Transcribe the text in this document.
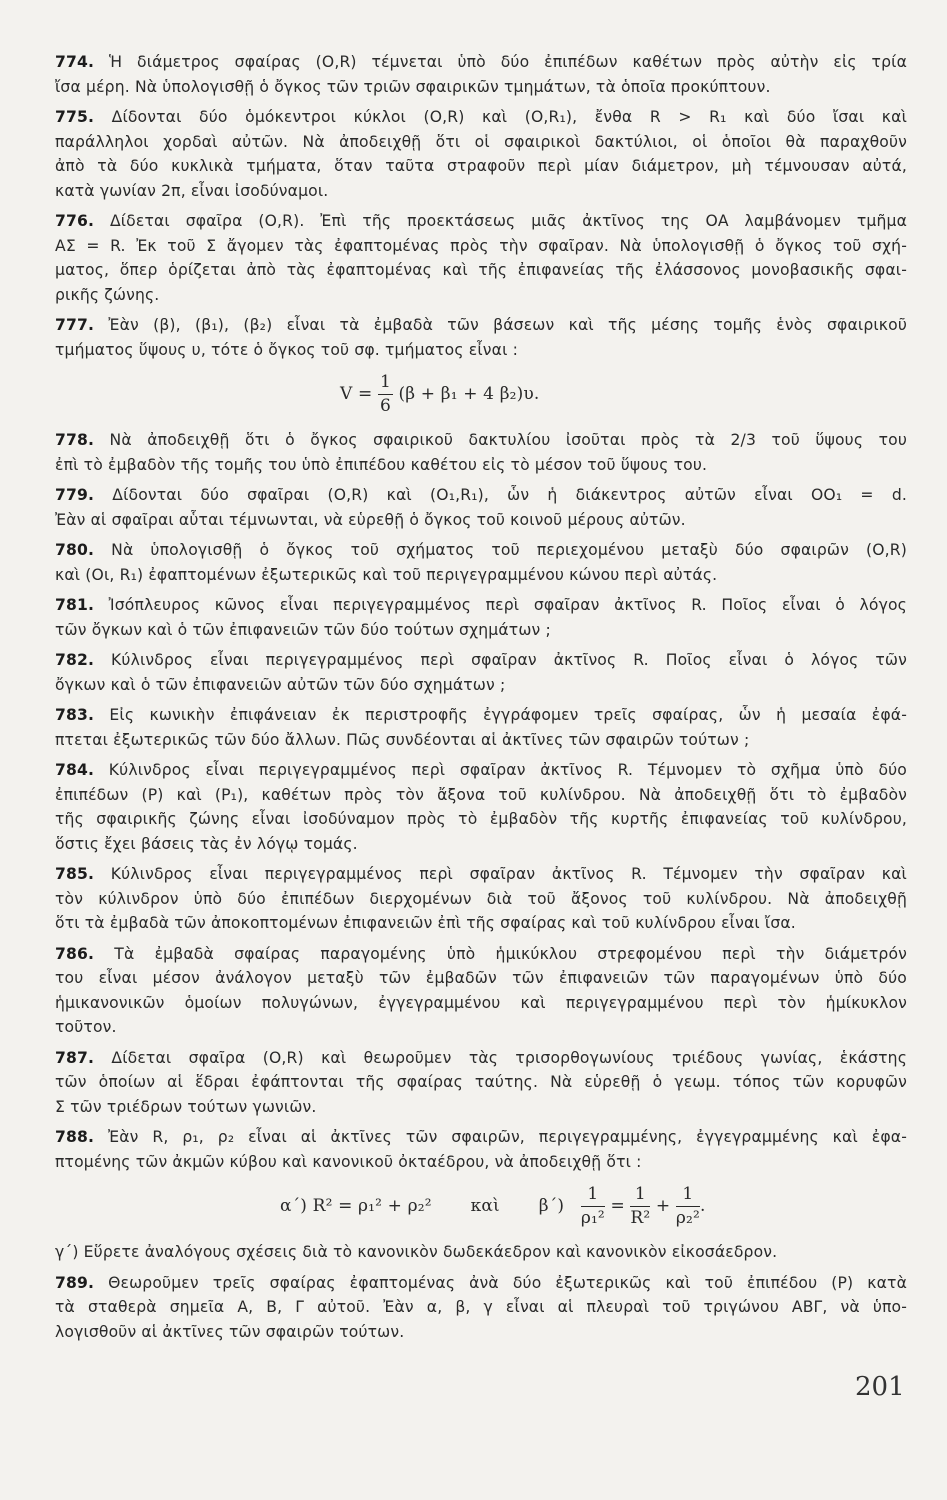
774. Ἡ διάμετρος σφαίρας (Ο,R) τέμνεται ὑπὸ δύο ἐπιπέδων καθέτων πρὸς αὐτὴν εἰς τρία
ἴσα μέρη. Νὰ ὑπολογισθῇ ὁ ὄγκος τῶν τριῶν σφαιρικῶν τμημάτων, τὰ ὁποῖα προκύπτουν.
775. Δίδονται δύο ὁμόκεντροι κύκλοι (Ο,R) καὶ (Ο,R₁), ἔνθα R > R₁ καὶ δύο ἴσαι καὶ
παράλληλοι χορδαὶ αὐτῶν. Νὰ ἀποδειχθῇ ὅτι οἱ σφαιρικοὶ δακτύλιοι, οἱ ὁποῖοι θὰ παραχθοῦν
ἀπὸ τὰ δύο κυκλικὰ τμήματα, ὅταν ταῦτα στραφοῦν περὶ μίαν διάμετρον, μὴ τέμνουσαν αὐτά,
κατὰ γωνίαν 2π, εἶναι ἰσοδύναμοι.
776. Δίδεται σφαῖρα (Ο,R). Ἐπὶ τῆς προεκτάσεως μιᾶς ἀκτῖνος της ΟΑ λαμβάνομεν τμῆμα
ΑΣ = R. Ἐκ τοῦ Σ ἄγομεν τὰς ἐφαπτομένας πρὸς τὴν σφαῖραν. Νὰ ὑπολογισθῇ ὁ ὄγκος τοῦ σχή-
ματος, ὅπερ ὁρίζεται ἀπὸ τὰς ἐφαπτομένας καὶ τῆς ἐπιφανείας τῆς ἐλάσσονος μονοβασικῆς σφαι-
ρικῆς ζώνης.
777. Ἐὰν (β), (β₁), (β₂) εἶναι τὰ ἐμβαδὰ τῶν βάσεων καὶ τῆς μέσης τομῆς ἑνὸς σφαιρικοῦ
τμήματος ὕψους υ, τότε ὁ ὄγκος τοῦ σφ. τμήματος εἶναι :
$V = \frac{1}{6} (\beta + \beta_1 + 4$ β₂)υ.
778. Νὰ ἀποδειχθῇ ὅτι ὁ ὄγκος σφαιρικοῦ δακτυλίου ἰσοῦται πρὸς τὰ 2/3 τοῦ ὕψους του
ἐπὶ τὸ ἐμβαδὸν τῆς τομῆς του ὑπὸ ἐπιπέδου καθέτου εἰς τὸ μέσον τοῦ ὕψους του.
779. Δίδονται δύο σφαῖραι (Ο,R) καὶ (Ο₁,R₁), ὧν ἡ διάκεντρος αὐτῶν εἶναι ΟΟ₁ = d.
Ἐὰν αἱ σφαῖραι αὗται τέμνωνται, νὰ εὑρεθῇ ὁ ὄγκος τοῦ κοινοῦ μέρους αὐτῶν.
780. Νὰ ὑπολογισθῇ ὁ ὄγκος τοῦ σχήματος τοῦ περιεχομένου μεταξὺ δύο σφαιρῶν (Ο,R)
καὶ (Οι, R₁) ἐφαπτομένων ἐξωτερικῶς καὶ τοῦ περιγεγραμμένου κώνου περὶ αὐτάς.
781. Ἰσόπλευρος κῶνος εἶναι περιγεγραμμένος περὶ σφαῖραν ἀκτῖνος R. Ποῖος εἶναι ὁ λόγος
τῶν ὄγκων καὶ ὁ τῶν ἐπιφανειῶν τῶν δύο τούτων σχημάτων ;
782. Κύλινδρος εἶναι περιγεγραμμένος περὶ σφαῖραν ἀκτῖνος R. Ποῖος εἶναι ὁ λόγος τῶν
ὄγκων καὶ ὁ τῶν ἐπιφανειῶν αὐτῶν τῶν δύο σχημάτων ;
783. Εἰς κωνικὴν ἐπιφάνειαν ἐκ περιστροφῆς ἐγγράφομεν τρεῖς σφαίρας, ὧν ἡ μεσαία ἐφά-
πτεται ἐξωτερικῶς τῶν δύο ἄλλων. Πῶς συνδέονται αἱ ἀκτῖνες τῶν σφαιρῶν τούτων ;
784. Κύλινδρος εἶναι περιγεγραμμένος περὶ σφαῖραν ἀκτῖνος R. Τέμνομεν τὸ σχῆμα ὑπὸ δύο
ἐπιπέδων (Ρ) καὶ (Ρ₁), καθέτων πρὸς τὸν ἄξονα τοῦ κυλίνδρου. Νὰ ἀποδειχθῇ ὅτι τὸ ἐμβαδὸν
τῆς σφαιρικῆς ζώνης εἶναι ἰσοδύναμον πρὸς τὸ ἐμβαδὸν τῆς κυρτῆς ἐπιφανείας τοῦ κυλίνδρου,
ὅστις ἔχει βάσεις τὰς ἐν λόγῳ τομάς.
785. Κύλινδρος εἶναι περιγεγραμμένος περὶ σφαῖραν ἀκτῖνος R. Τέμνομεν τὴν σφαῖραν καὶ
τὸν κύλινδρον ὑπὸ δύο ἐπιπέδων διερχομένων διὰ τοῦ ἄξονος τοῦ κυλίνδρου. Νὰ ἀποδειχθῇ
ὅτι τὰ ἐμβαδὰ τῶν ἀποκοπτομένων ἐπιφανειῶν ἐπὶ τῆς σφαίρας καὶ τοῦ κυλίνδρου εἶναι ἴσα.
786. Τὰ ἐμβαδὰ σφαίρας παραγομένης ὑπὸ ἡμικύκλου στρεφομένου περὶ τὴν διάμετρόν
του εἶναι μέσον ἀνάλογον μεταξὺ τῶν ἐμβαδῶν τῶν ἐπιφανειῶν τῶν παραγομένων ὑπὸ δύο
ἡμικανονικῶν ὁμοίων πολυγώνων, ἐγγεγραμμένου καὶ περιγεγραμμένου περὶ τὸν ἡμίκυκλον
τοῦτον.
787. Δίδεται σφαῖρα (Ο,R) καὶ θεωροῦμεν τὰς τρισορθογωνίους τριέδους γωνίας, ἑκάστης
τῶν ὁποίων αἱ ἕδραι ἐφάπτονται τῆς σφαίρας ταύτης. Νὰ εὑρεθῇ ὁ γεωμ. τόπος τῶν κορυφῶν
Σ τῶν τριέδρων τούτων γωνιῶν.
788. Ἐὰν R, ρ₁, ρ₂ εἶναι αἱ ἀκτῖνες τῶν σφαιρῶν, περιγεγραμμένης, ἐγγεγραμμένης καὶ ἐφα-
πτομένης τῶν ἀκμῶν κύβου καὶ κανονικοῦ ὀκταέδρου, νὰ ἀποδειχθῇ ὅτι :
α΄) R² = ρ₁² + ρ₂² καὶ $\beta΄) \frac{1}{\text{ρ₁²}} = \frac{1}{\text{R²}} + \frac{1}{\text{ρ₂²}}$ .
γ΄) Εὕρετε ἀναλόγους σχέσεις διὰ τὸ κανονικὸν δωδεκάεδρον καὶ κανονικὸν εἰκοσάεδρον.
789. Θεωροῦμεν τρεῖς σφαίρας ἐφαπτομένας ἀνὰ δύο ἐξωτερικῶς καὶ τοῦ ἐπιπέδου (Ρ) κατὰ
τὰ σταθερὰ σημεῖα Α, Β, Γ αὐτοῦ. Ἐὰν α, β, γ εἶναι αἱ πλευραὶ τοῦ τριγώνου ΑΒΓ, νὰ ὑπο-
λογισθοῦν αἱ ἀκτῖνες τῶν σφαιρῶν τούτων.
201
